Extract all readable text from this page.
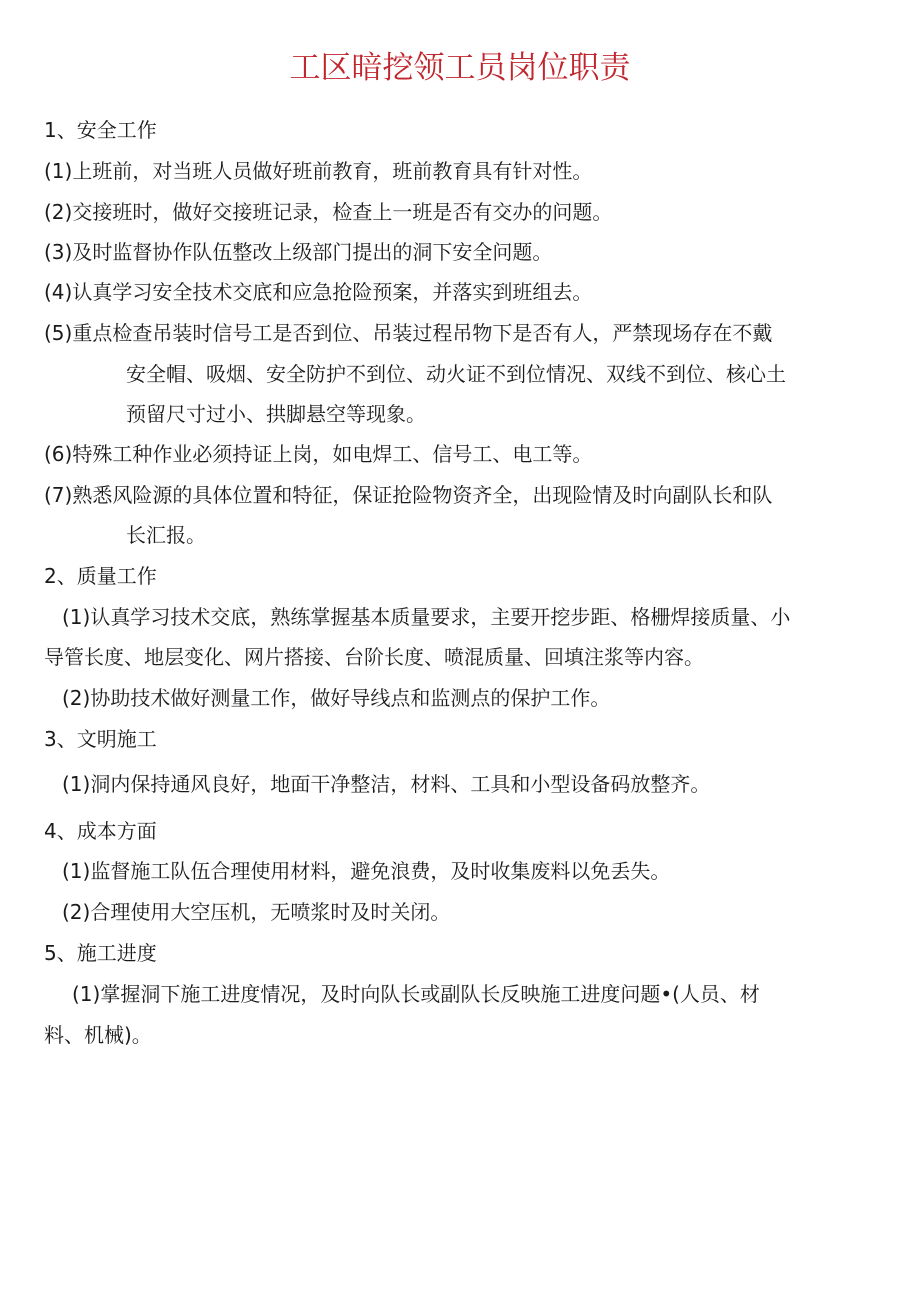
工区暗挖领工员岗位职责

1、安全工作

(1)上班前，对当班人员做好班前教育，班前教育具有针对性。

(2)交接班时，做好交接班记录，检查上一班是否有交办的问题。

(3)及时监督协作队伍整改上级部门提出的洞下安全问题。

(4)认真学习安全技术交底和应急抢险预案，并落实到班组去。

(5)重点检查吊装时信号工是否到位、吊装过程吊物下是否有人，严禁现场存在不戴

安全帽、吸烟、安全防护不到位、动火证不到位情况、双线不到位、核心土

预留尺寸过小、拱脚悬空等现象。

(6)特殊工种作业必须持证上岗，如电焊工、信号工、电工等。

(7)熟悉风险源的具体位置和特征，保证抢险物资齐全，出现险情及时向副队长和队

长汇报。

2、质量工作

(1)认真学习技术交底，熟练掌握基本质量要求，主要开挖步距、格栅焊接质量、小

导管长度、地层变化、网片搭接、台阶长度、喷混质量、回填注浆等内容。

(2)协助技术做好测量工作，做好导线点和监测点的保护工作。

3、文明施工

(1)洞内保持通风良好，地面干净整洁，材料、工具和小型设备码放整齐。

4、成本方面

(1)监督施工队伍合理使用材料，避免浪费，及时收集废料以免丢失。

(2)合理使用大空压机，无喷浆时及时关闭。

5、施工进度

(1)掌握洞下施工进度情况，及时向队长或副队长反映施工进度问题•(人员、材

料、机械)。
